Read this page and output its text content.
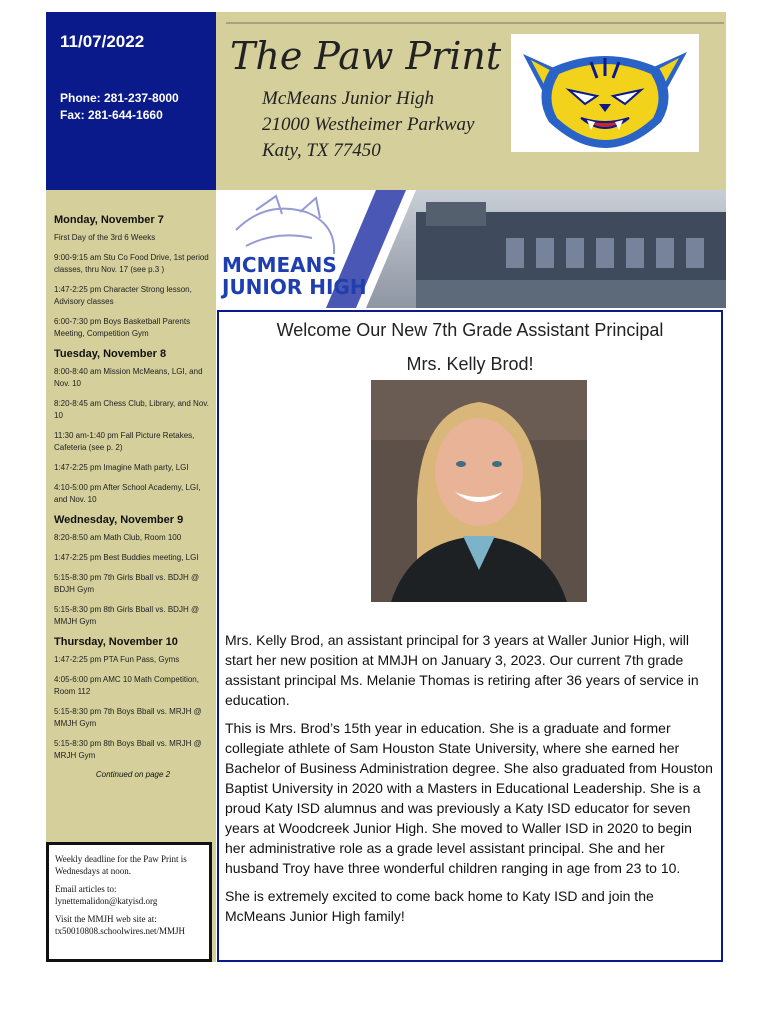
11/07/2022
Phone: 281-237-8000
Fax: 281-644-1660
The Paw Print
McMeans Junior High
21000 Westheimer Parkway
Katy, TX 77450
Monday, November 7
First Day of the 3rd 6 Weeks
9:00-9:15 am Stu Co Food Drive, 1st period classes, thru Nov. 17 (see p.3 )
1:47-2:25 pm Character Strong lesson, Advisory classes
6:00-7:30 pm Boys Basketball Parents Meeting, Competition Gym
Tuesday, November 8
8:00-8:40 am Mission McMeans, LGI, and Nov. 10
8:20-8:45 am Chess Club, Library, and Nov. 10
11:30 am-1:40 pm Fall Picture Retakes, Cafeteria (see p. 2)
1:47-2:25 pm Imagine Math party, LGI
4:10-5:00 pm After School Academy, LGI, and Nov. 10
Wednesday, November 9
8:20-8:50 am Math Club, Room 100
1:47-2:25 pm Best Buddies meeting, LGI
5:15-8:30 pm 7th Girls Bball vs. BDJH @ BDJH Gym
5:15-8:30 pm 8th Girls Bball vs. BDJH @ MMJH Gym
Thursday, November 10
1:47-2:25 pm PTA Fun Pass, Gyms
4:05-6:00 pm AMC 10 Math Competition, Room 112
5:15-8:30 pm 7th Boys Bball vs. MRJH @ MMJH Gym
5:15-8:30 pm 8th Boys Bball vs. MRJH @ MRJH Gym
Continued on page 2

Weekly deadline for the Paw Print is Wednesdays at noon.

Email articles to:
lynettemalidon@katyisd.org

Visit the MMJH web site at:
tx50010808.schoolwires.net/MMJH

MCMEANS
JUNIOR HIGH
Welcome Our New 7th Grade Assistant Principal
Mrs. Kelly Brod!

Mrs. Kelly Brod, an assistant principal for 3 years at Waller Junior High, will start her new position at MMJH on January 3, 2023. Our current 7th grade assistant principal Ms. Melanie Thomas is retiring after 36 years of service in education.

This is Mrs. Brod’s 15th year in education. She is a graduate and former collegiate athlete of Sam Houston State University, where she earned her Bachelor of Business Administration degree. She also graduated from Houston Baptist University in 2020 with a Masters in Educational Leadership. She is a proud Katy ISD alumnus and was previously a Katy ISD educator for seven years at Woodcreek Junior High. She moved to Waller ISD in 2020 to begin her administrative role as a grade level assistant principal. She and her husband Troy have three wonderful children ranging in age from 23 to 10.

She is extremely excited to come back home to Katy ISD and join the McMeans Junior High family!
